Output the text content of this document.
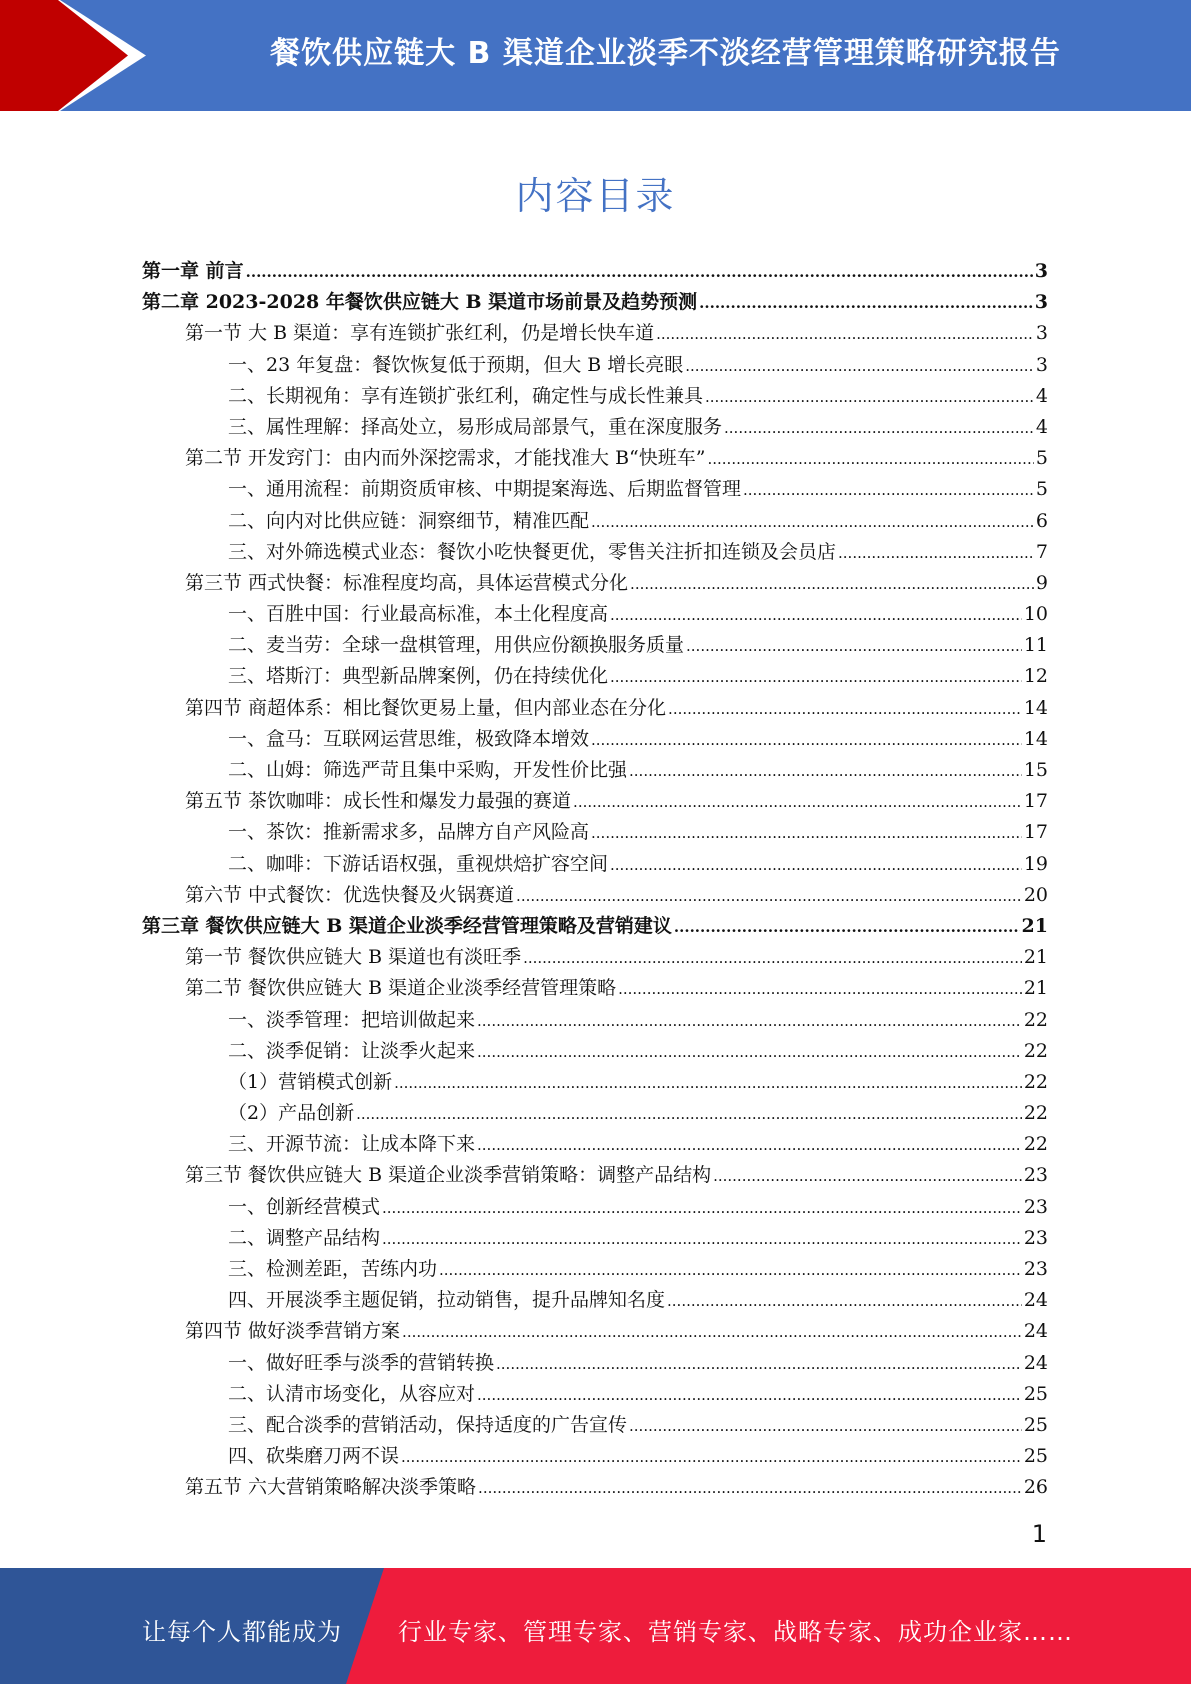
餐饮供应链大 B 渠道企业淡季不淡经营管理策略研究报告
内容目录
第一章 前言 .....	3
第二章 2023-2028 年餐饮供应链大 B 渠道市场前景及趋势预测 .....	3
第一节 大 B 渠道：享有连锁扩张红利，仍是增长快车道 .....	3
一、23 年复盘：餐饮恢复低于预期，但大 B 增长亮眼 .....	3
二、长期视角：享有连锁扩张红利，确定性与成长性兼具 .....	4
三、属性理解：择高处立，易形成局部景气，重在深度服务 .....	4
第二节 开发窍门：由内而外深挖需求，才能找准大 B“快班车” .....	5
一、通用流程：前期资质审核、中期提案海选、后期监督管理 .....	5
二、向内对比供应链：洞察细节，精准匹配 .....	6
三、对外筛选模式业态：餐饮小吃快餐更优，零售关注折扣连锁及会员店 .....	7
第三节 西式快餐：标准程度均高，具体运营模式分化 .....	9
一、百胜中国：行业最高标准，本土化程度高 .....	10
二、麦当劳：全球一盘棋管理，用供应份额换服务质量 .....	11
三、塔斯汀：典型新品牌案例，仍在持续优化 .....	12
第四节 商超体系：相比餐饮更易上量，但内部业态在分化 .....	14
一、盒马：互联网运营思维，极致降本增效 .....	14
二、山姆：筛选严苛且集中采购，开发性价比强 .....	15
第五节 茶饮咖啡：成长性和爆发力最强的赛道 .....	17
一、茶饮：推新需求多，品牌方自产风险高 .....	17
二、咖啡：下游话语权强，重视烘焙扩容空间 .....	19
第六节 中式餐饮：优选快餐及火锅赛道 .....	20
第三章 餐饮供应链大 B 渠道企业淡季经营管理策略及营销建议 .....	21
第一节 餐饮供应链大 B 渠道也有淡旺季 .....	21
第二节 餐饮供应链大 B 渠道企业淡季经营管理策略 .....	21
一、淡季管理：把培训做起来 .....	22
二、淡季促销：让淡季火起来 .....	22
（1）营销模式创新 .....	22
（2）产品创新 .....	22
三、开源节流：让成本降下来 .....	22
第三节 餐饮供应链大 B 渠道企业淡季营销策略：调整产品结构 .....	23
一、创新经营模式 .....	23
二、调整产品结构 .....	23
三、检测差距，苦练内功 .....	23
四、开展淡季主题促销，拉动销售，提升品牌知名度 .....	24
第四节 做好淡季营销方案 .....	24
一、做好旺季与淡季的营销转换 .....	24
二、认清市场变化，从容应对 .....	25
三、配合淡季的营销活动，保持适度的广告宣传 .....	25
四、砍柴磨刀两不误 .....	25
第五节 六大营销策略解决淡季策略 .....	26
1
让每个人都能成为 行业专家、管理专家、营销专家、战略专家、成功企业家……
